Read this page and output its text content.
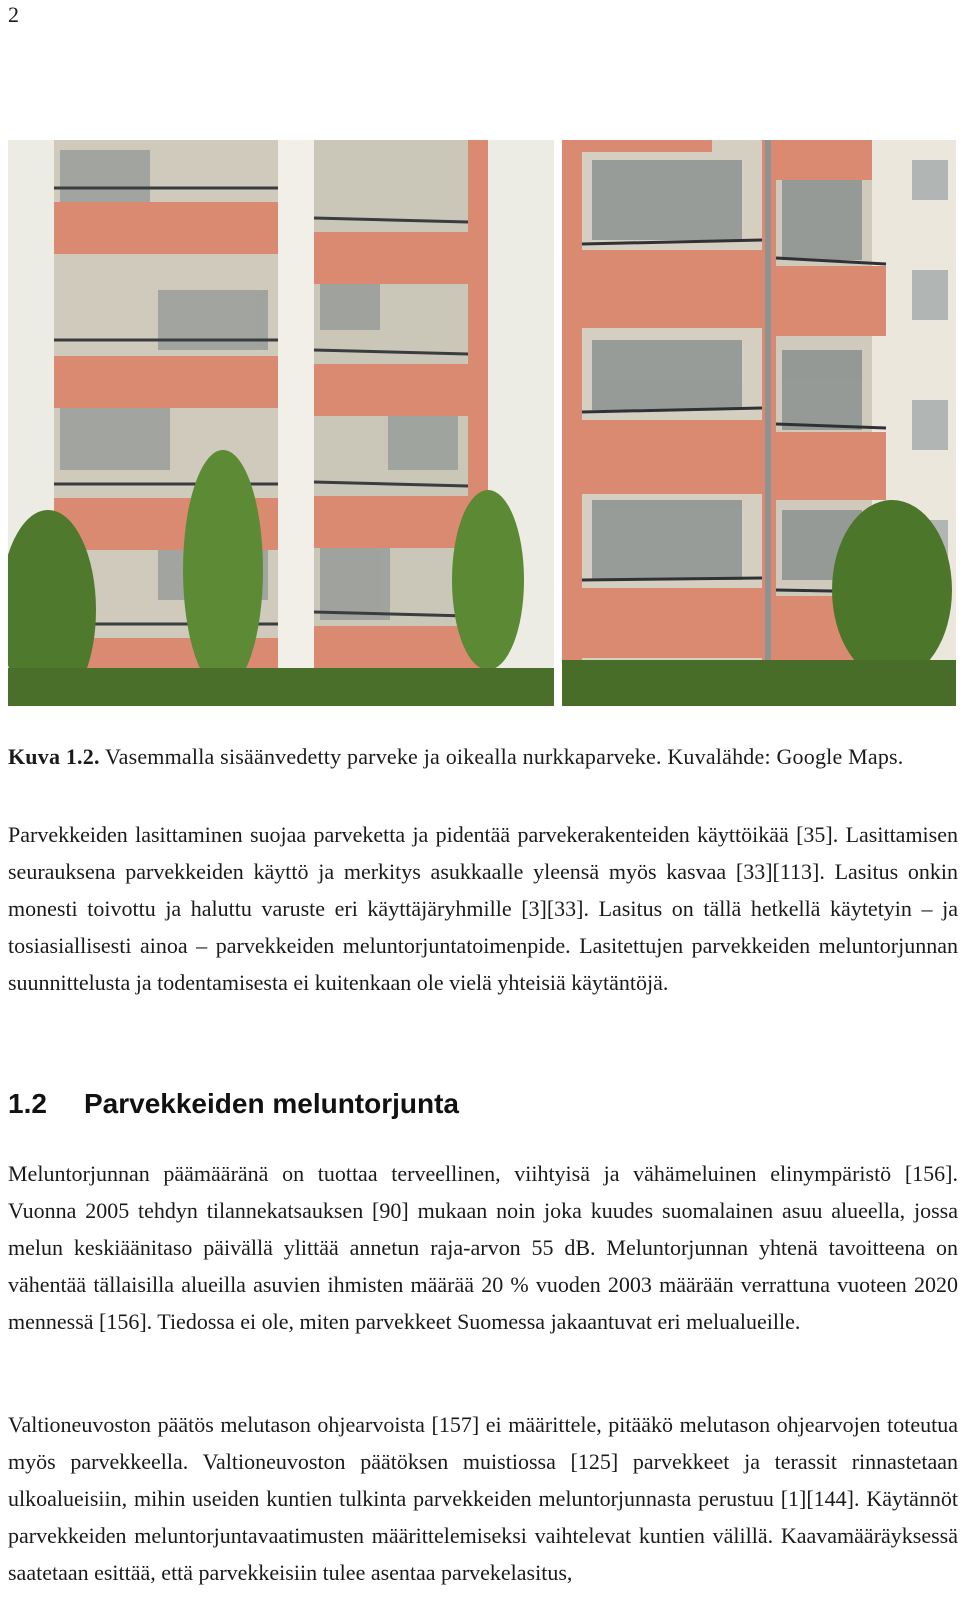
2

Kuva 1.2. Vasemmalla sisäänvedetty parveke ja oikealla nurkkaparveke. Kuvalähde: Google Maps.

Parvekkeiden lasittaminen suojaa parveketta ja pidentää parvekerakenteiden käyttöikää [35]. Lasittamisen seurauksena parvekkeiden käyttö ja merkitys asukkaalle yleensä myös kasvaa [33][113]. Lasitus onkin monesti toivottu ja haluttu varuste eri käyttäjäryhmille [3][33]. Lasitus on tällä hetkellä käytetyin – ja tosiasiallisesti ainoa – parvekkeiden meluntorjuntatoimenpide. Lasitettujen parvekkeiden meluntorjunnan suunnittelusta ja todentamisesta ei kuitenkaan ole vielä yhteisiä käytäntöjä.

1.2 Parvekkeiden meluntorjunta

Meluntorjunnan päämääränä on tuottaa terveellinen, viihtyisä ja vähämeluinen elinympäristö [156]. Vuonna 2005 tehdyn tilannekatsauksen [90] mukaan noin joka kuudes suomalainen asuu alueella, jossa melun keskiäänitaso päivällä ylittää annetun raja-arvon 55 dB. Meluntorjunnan yhtenä tavoitteena on vähentää tällaisilla alueilla asuvien ihmisten määrää 20 % vuoden 2003 määrään verrattuna vuoteen 2020 mennessä [156]. Tiedossa ei ole, miten parvekkeet Suomessa jakaantuvat eri melualueille.

Valtioneuvoston päätös melutason ohjearvoista [157] ei määrittele, pitääkö melutason ohjearvojen toteutua myös parvekkeella. Valtioneuvoston päätöksen muistiossa [125] parvekkeet ja terassit rinnastetaan ulkoalueisiin, mihin useiden kuntien tulkinta parvekkeiden meluntorjunnasta perustuu [1][144]. Käytännöt parvekkeiden meluntorjuntavaatimusten määrittelemiseksi vaihtelevat kuntien välillä. Kaavamääräyksessä saatetaan esittää, että parvekkeisiin tulee asentaa parvekelasitus,
